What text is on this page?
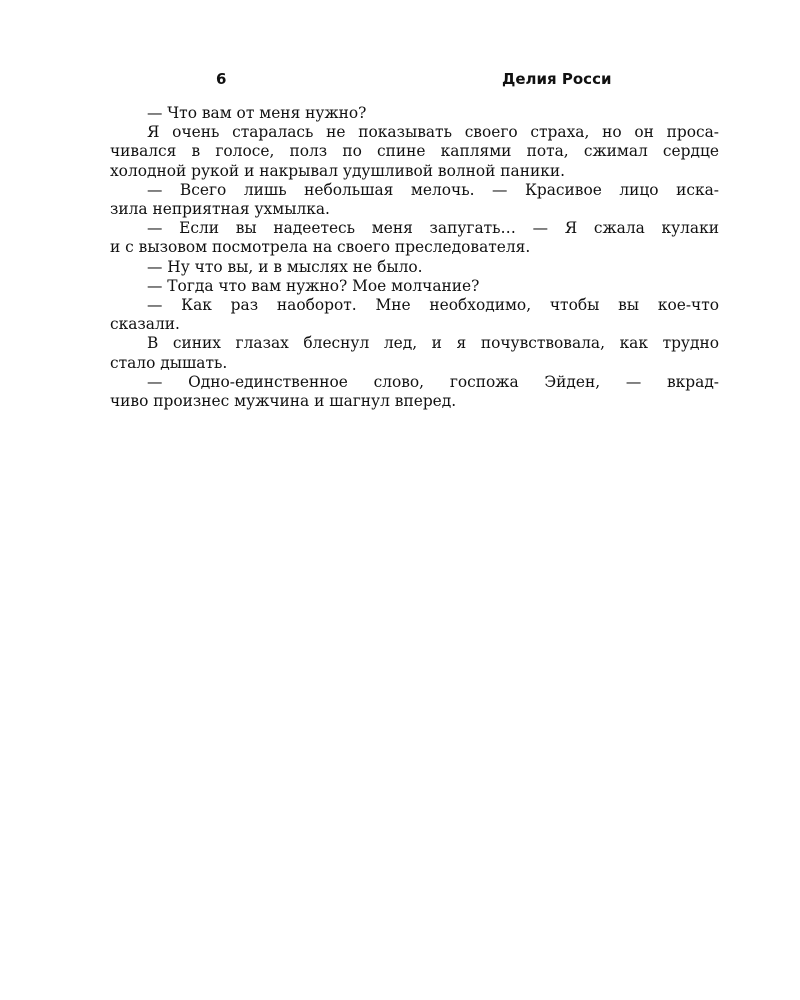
6	Делия Росси

— Что вам от меня нужно?

Я очень старалась не показывать своего страха, но он проса-
чивался в голосе, полз по спине каплями пота, сжимал сердце
холодной рукой и накрывал удушливой волной паники.

— Всего лишь небольшая мелочь. — Красивое лицо иска-
зила неприятная ухмылка.

— Если вы надеетесь меня запугать… — Я сжала кулаки
и с вызовом посмотрела на своего преследователя.

— Ну что вы, и в мыслях не было.

— Тогда что вам нужно? Мое молчание?

— Как раз наоборот. Мне необходимо, чтобы вы кое-что
сказали.

В синих глазах блеснул лед, и я почувствовала, как трудно
стало дышать.

— Одно-единственное слово, госпожа Эйден, — вкрад-
чиво произнес мужчина и шагнул вперед.
